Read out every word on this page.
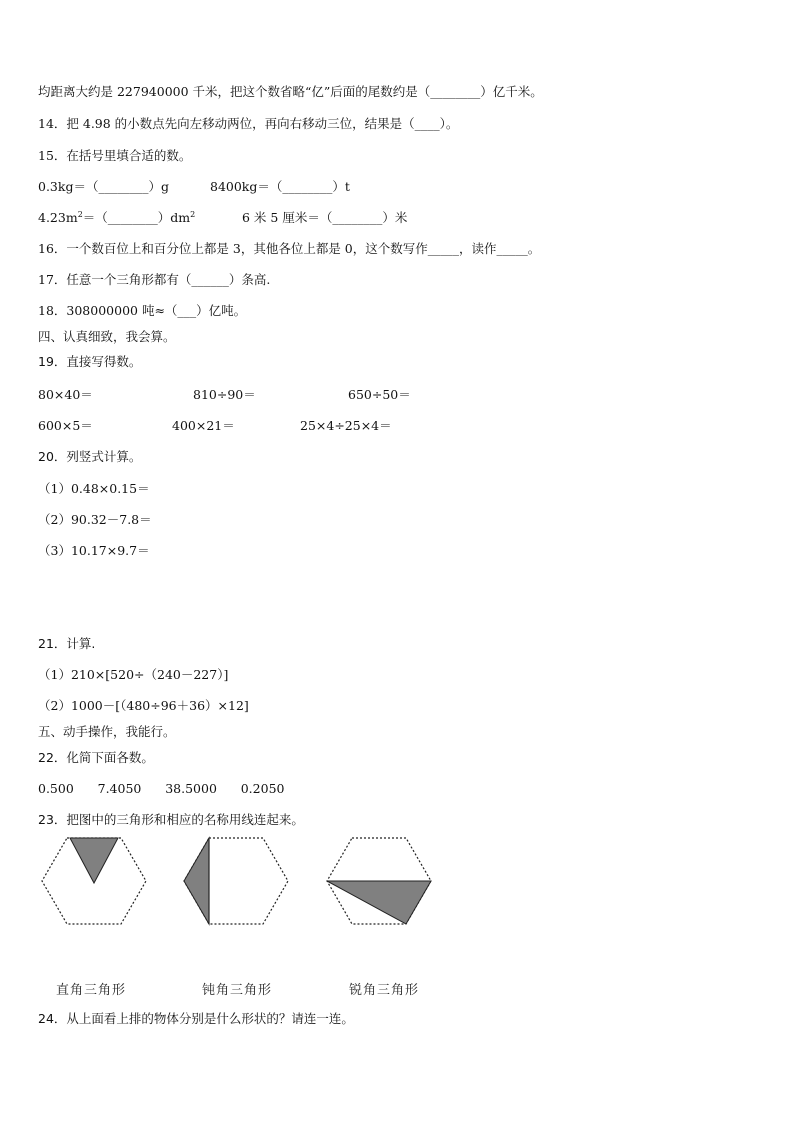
均距离大约是 227940000 千米，把这个数省略“亿”后面的尾数约是（________）亿千米。
14．把 4.98 的小数点先向左移动两位，再向右移动三位，结果是（____）。
15．在括号里填合适的数。
0.3kg＝（________）g	8400kg＝（________）t
$4.23m^2=(\_\_\_\_\_\_\_\_)dm^2$	6 米 5 厘米＝（________）米
16．一个数百位上和百分位上都是 3，其他各位上都是 0，这个数写作_____，读作_____。
17．任意一个三角形都有（______）条高.
18．308000000 吨≈（___）亿吨。
四、认真细致，我会算。
19．直接写得数。
80×40＝	810÷90＝	650÷50＝
600×5＝	400×21＝	25×4÷25×4＝
20．列竖式计算。
（1）0.48×0.15＝
（2）90.32－7.8＝
（3）10.17×9.7＝
21．计算.
（1）210×[520÷（240－227）]
（2）1000－[（480÷96＋36）×12]
五、动手操作，我能行。
22．化简下面各数。
0.500      7.4050      38.5000      0.2050
23．把图中的三角形和相应的名称用线连起来。
直角三角形	钝角三角形	锐角三角形
24．从上面看上排的物体分别是什么形状的？请连一连。
